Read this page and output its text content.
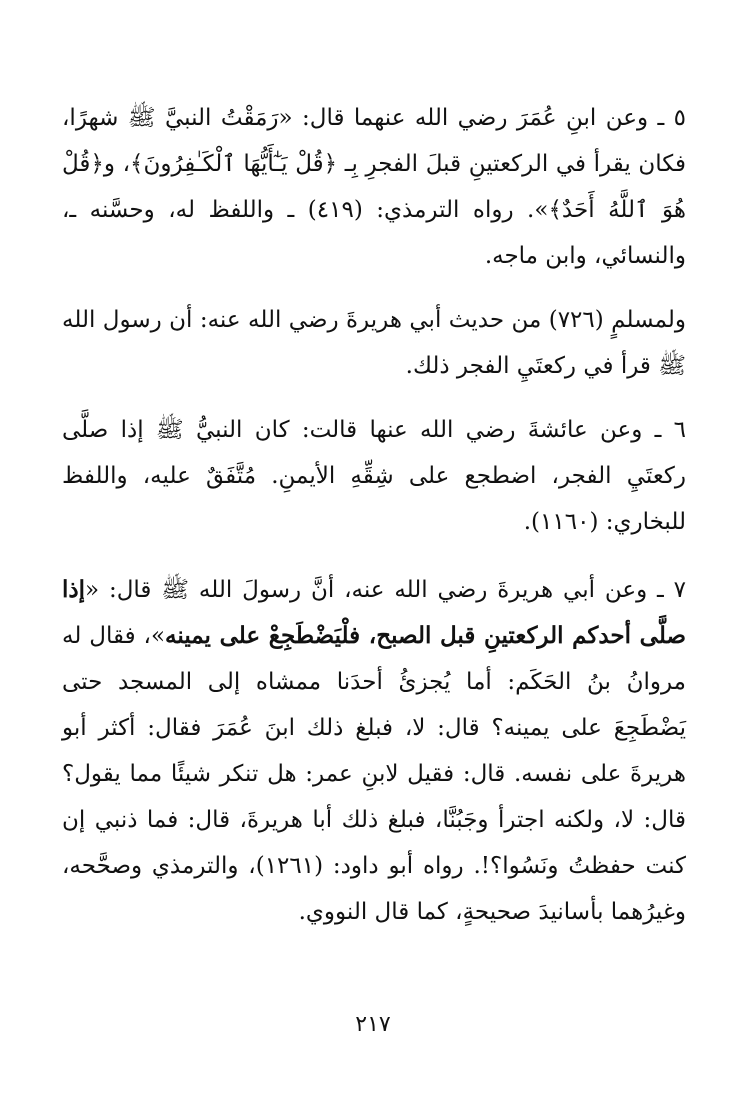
٥ ـ وعن ابنِ عُمَرَ رضي الله عنهما قال: «رَمَقْتُ النبيَّ ﷺ شهرًا، فكان يقرأ في الركعتينِ قبلَ الفجرِ بِـ ﴿قُلْ يَـٰٓأَيُّهَا ٱلْكَـٰفِرُونَ﴾، و﴿قُلْ هُوَ ٱللَّهُ أَحَدٌ﴾». رواه الترمذي: (٤١٩) ـ واللفظ له، وحسَّنه ـ، والنسائي، وابن ماجه.

ولمسلمٍ (٧٢٦) من حديث أبي هريرةَ رضي الله عنه: أن رسول الله ﷺ قرأ في ركعتَيِ الفجر ذلك.

٦ ـ وعن عائشةَ رضي الله عنها قالت: كان النبيُّ ﷺ إذا صلَّى ركعتَيِ الفجر، اضطجع على شِقِّهِ الأيمنِ. مُتَّفَقٌ عليه، واللفظ للبخاري: (١١٦٠).

٧ ـ وعن أبي هريرةَ رضي الله عنه، أنَّ رسولَ الله ﷺ قال: «إذا صلَّى أحدكم الركعتينِ قبل الصبح، فلْيَضْطَجِعْ على يمينه»، فقال له مروانُ بنُ الحَكَم: أما يُجزئُ أحدَنا ممشاه إلى المسجد حتى يَضْطَجِعَ على يمينه؟ قال: لا، فبلغ ذلك ابنَ عُمَرَ فقال: أكثر أبو هريرةَ على نفسه. قال: فقيل لابنِ عمر: هل تنكر شيئًا مما يقول؟ قال: لا، ولكنه اجترأ وجَبُنَّا، فبلغ ذلك أبا هريرةَ، قال: فما ذنبي إن كنت حفظتُ ونَسُوا؟!. رواه أبو داود: (١٢٦١)، والترمذي وصحَّحه، وغيرُهما بأسانيدَ صحيحةٍ، كما قال النووي.

٢١٧
